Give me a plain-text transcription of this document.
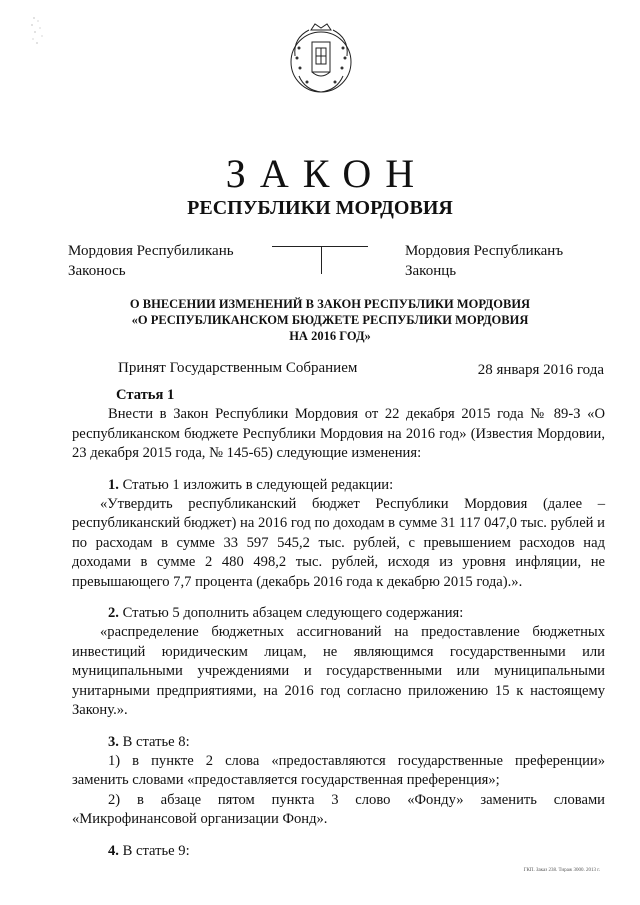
ЗАКОН
РЕСПУБЛИКИ МОРДОВИЯ
Мордовия Респубиликань
Законось
Мордовия Республиканъ
Законць
О ВНЕСЕНИИ ИЗМЕНЕНИЙ В ЗАКОН РЕСПУБЛИКИ МОРДОВИЯ
«О РЕСПУБЛИКАНСКОМ БЮДЖЕТЕ РЕСПУБЛИКИ МОРДОВИЯ
НА 2016 ГОД»
Принят Государственным Собранием	28 января 2016 года

Статья 1

Внести в Закон Республики Мордовия от 22 декабря 2015 года № 89-З «О республиканском бюджете Республики Мордовия на 2016 год» (Известия Мордовии, 23 декабря 2015 года, № 145-65) следующие изменения:

1. Статью 1 изложить в следующей редакции:

«Утвердить республиканский бюджет Республики Мордовия (далее – республиканский бюджет) на 2016 год по доходам в сумме 31 117 047,0 тыс. рублей и по расходам в сумме 33 597 545,2 тыс. рублей, с превышением расходов над доходами в сумме 2 480 498,2 тыс. рублей, исходя из уровня инфляции, не превышающего 7,7 процента (декабрь 2016 года к декабрю 2015 года).».

2. Статью 5 дополнить абзацем следующего содержания:

«распределение бюджетных ассигнований на предоставление бюджетных инвестиций юридическим лицам, не являющимся государственными или муниципальными учреждениями и государственными или муниципальными унитарными предприятиями, на 2016 год согласно приложению 15 к настоящему Закону.».

3. В статье 8:

1) в пункте 2 слова «предоставляются государственные преференции» заменить словами «предоставляется государственная преференция»;

2) в абзаце пятом пункта 3 слово «Фонду» заменить словами «Микрофинансовой организации Фонд».

4. В статье 9:

ГКП. Заказ 238. Тираж 3000. 2013 г.
